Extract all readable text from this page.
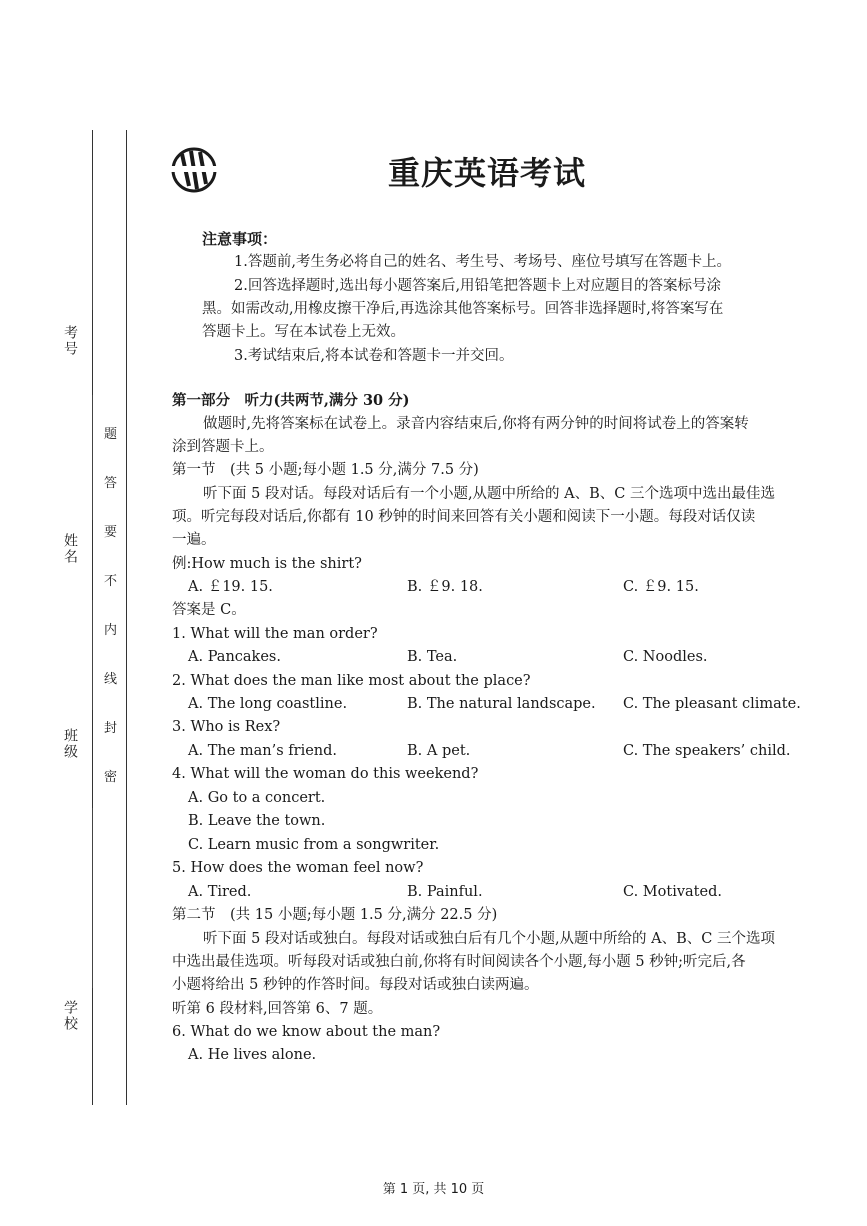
考号
姓名
班级
学校
题
答
要
不
内
线
封
密
重庆英语考试
注意事项：
1.答题前,考生务必将自己的姓名、考生号、考场号、座位号填写在答题卡上。
2.回答选择题时,选出每小题答案后,用铅笔把答题卡上对应题目的答案标号涂
黑。如需改动,用橡皮擦干净后,再选涂其他答案标号。回答非选择题时,将答案写在
答题卡上。写在本试卷上无效。
3.考试结束后,将本试卷和答题卡一并交回。
第一部分　听力(共两节,满分 30 分)
做题时,先将答案标在试卷上。录音内容结束后,你将有两分钟的时间将试卷上的答案转
涂到答题卡上。
第一节　(共 5 小题;每小题 1.5 分,满分 7.5 分)
听下面 5 段对话。每段对话后有一个小题,从题中所给的 A、B、C 三个选项中选出最佳选
项。听完每段对话后,你都有 10 秒钟的时间来回答有关小题和阅读下一小题。每段对话仅读
一遍。
例:How much is the shirt?
A. ￡19. 15.	B. ￡9. 18.	C. ￡9. 15.
答案是 C。
1. What will the man order?
A. Pancakes.	B. Tea.	C. Noodles.
2. What does the man like most about the place?
A. The long coastline.	B. The natural landscape. C. The pleasant climate.
3. Who is Rex?
A. The man’s friend.	B. A pet.	C. The speakers’ child.
4. What will the woman do this weekend?
A. Go to a concert.
B. Leave the town.
C. Learn music from a songwriter.
5. How does the woman feel now?
A. Tired.	B. Painful.	C. Motivated.
第二节　(共 15 小题;每小题 1.5 分,满分 22.5 分)
听下面 5 段对话或独白。每段对话或独白后有几个小题,从题中所给的 A、B、C 三个选项
中选出最佳选项。听每段对话或独白前,你将有时间阅读各个小题,每小题 5 秒钟;听完后,各
小题将给出 5 秒钟的作答时间。每段对话或独白读两遍。
听第 6 段材料,回答第 6、7 题。
6. What do we know about the man?
A. He lives alone.
第 1 页, 共 10 页
